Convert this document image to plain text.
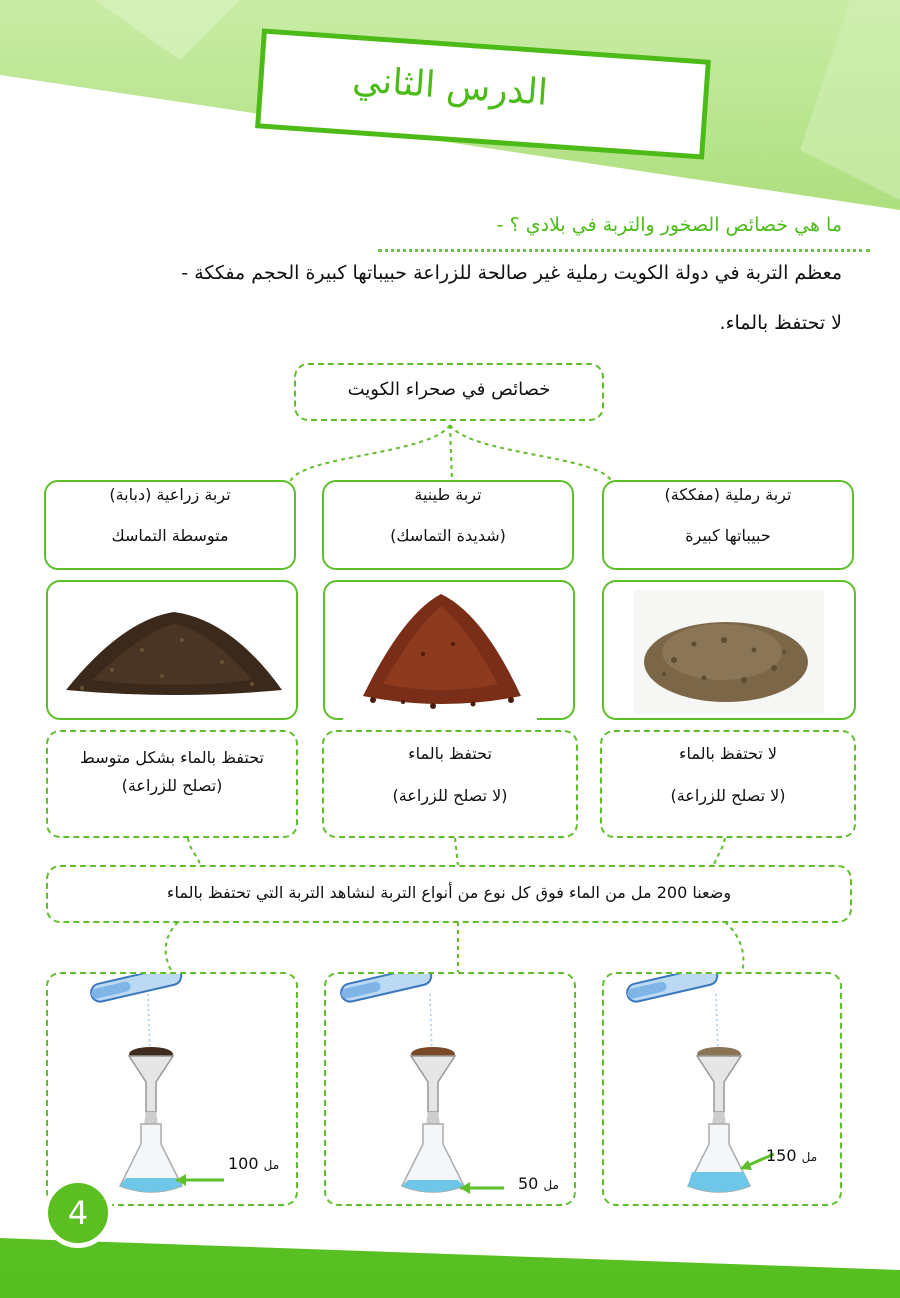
الدرس الثاني
ما هي خصائص الصخور والتربة في بلادي ؟ -
معظم التربة في دولة الكويت رملية غير صالحة للزراعة حبيباتها كبيرة الحجم مفككة -
لا تحتفظ بالماء.
خصائص في صحراء الكويت
تربة رملية (مفككة)
حبيباتها كبيرة
تربة طينية
(شديدة التماسك)
تربة زراعية (دبابة)
متوسطة التماسك
لا تحتفظ بالماء
(لا تصلح للزراعة)
تحتفظ بالماء
(لا تصلح للزراعة)
تحتفظ بالماء بشكل متوسط
(تصلح للزراعة)
وضعنا 200 مل من الماء فوق كل نوع من أنواع التربة لنشاهد التربة التي تحتفظ بالماء
100 مل
50 مل
150 مل
4
